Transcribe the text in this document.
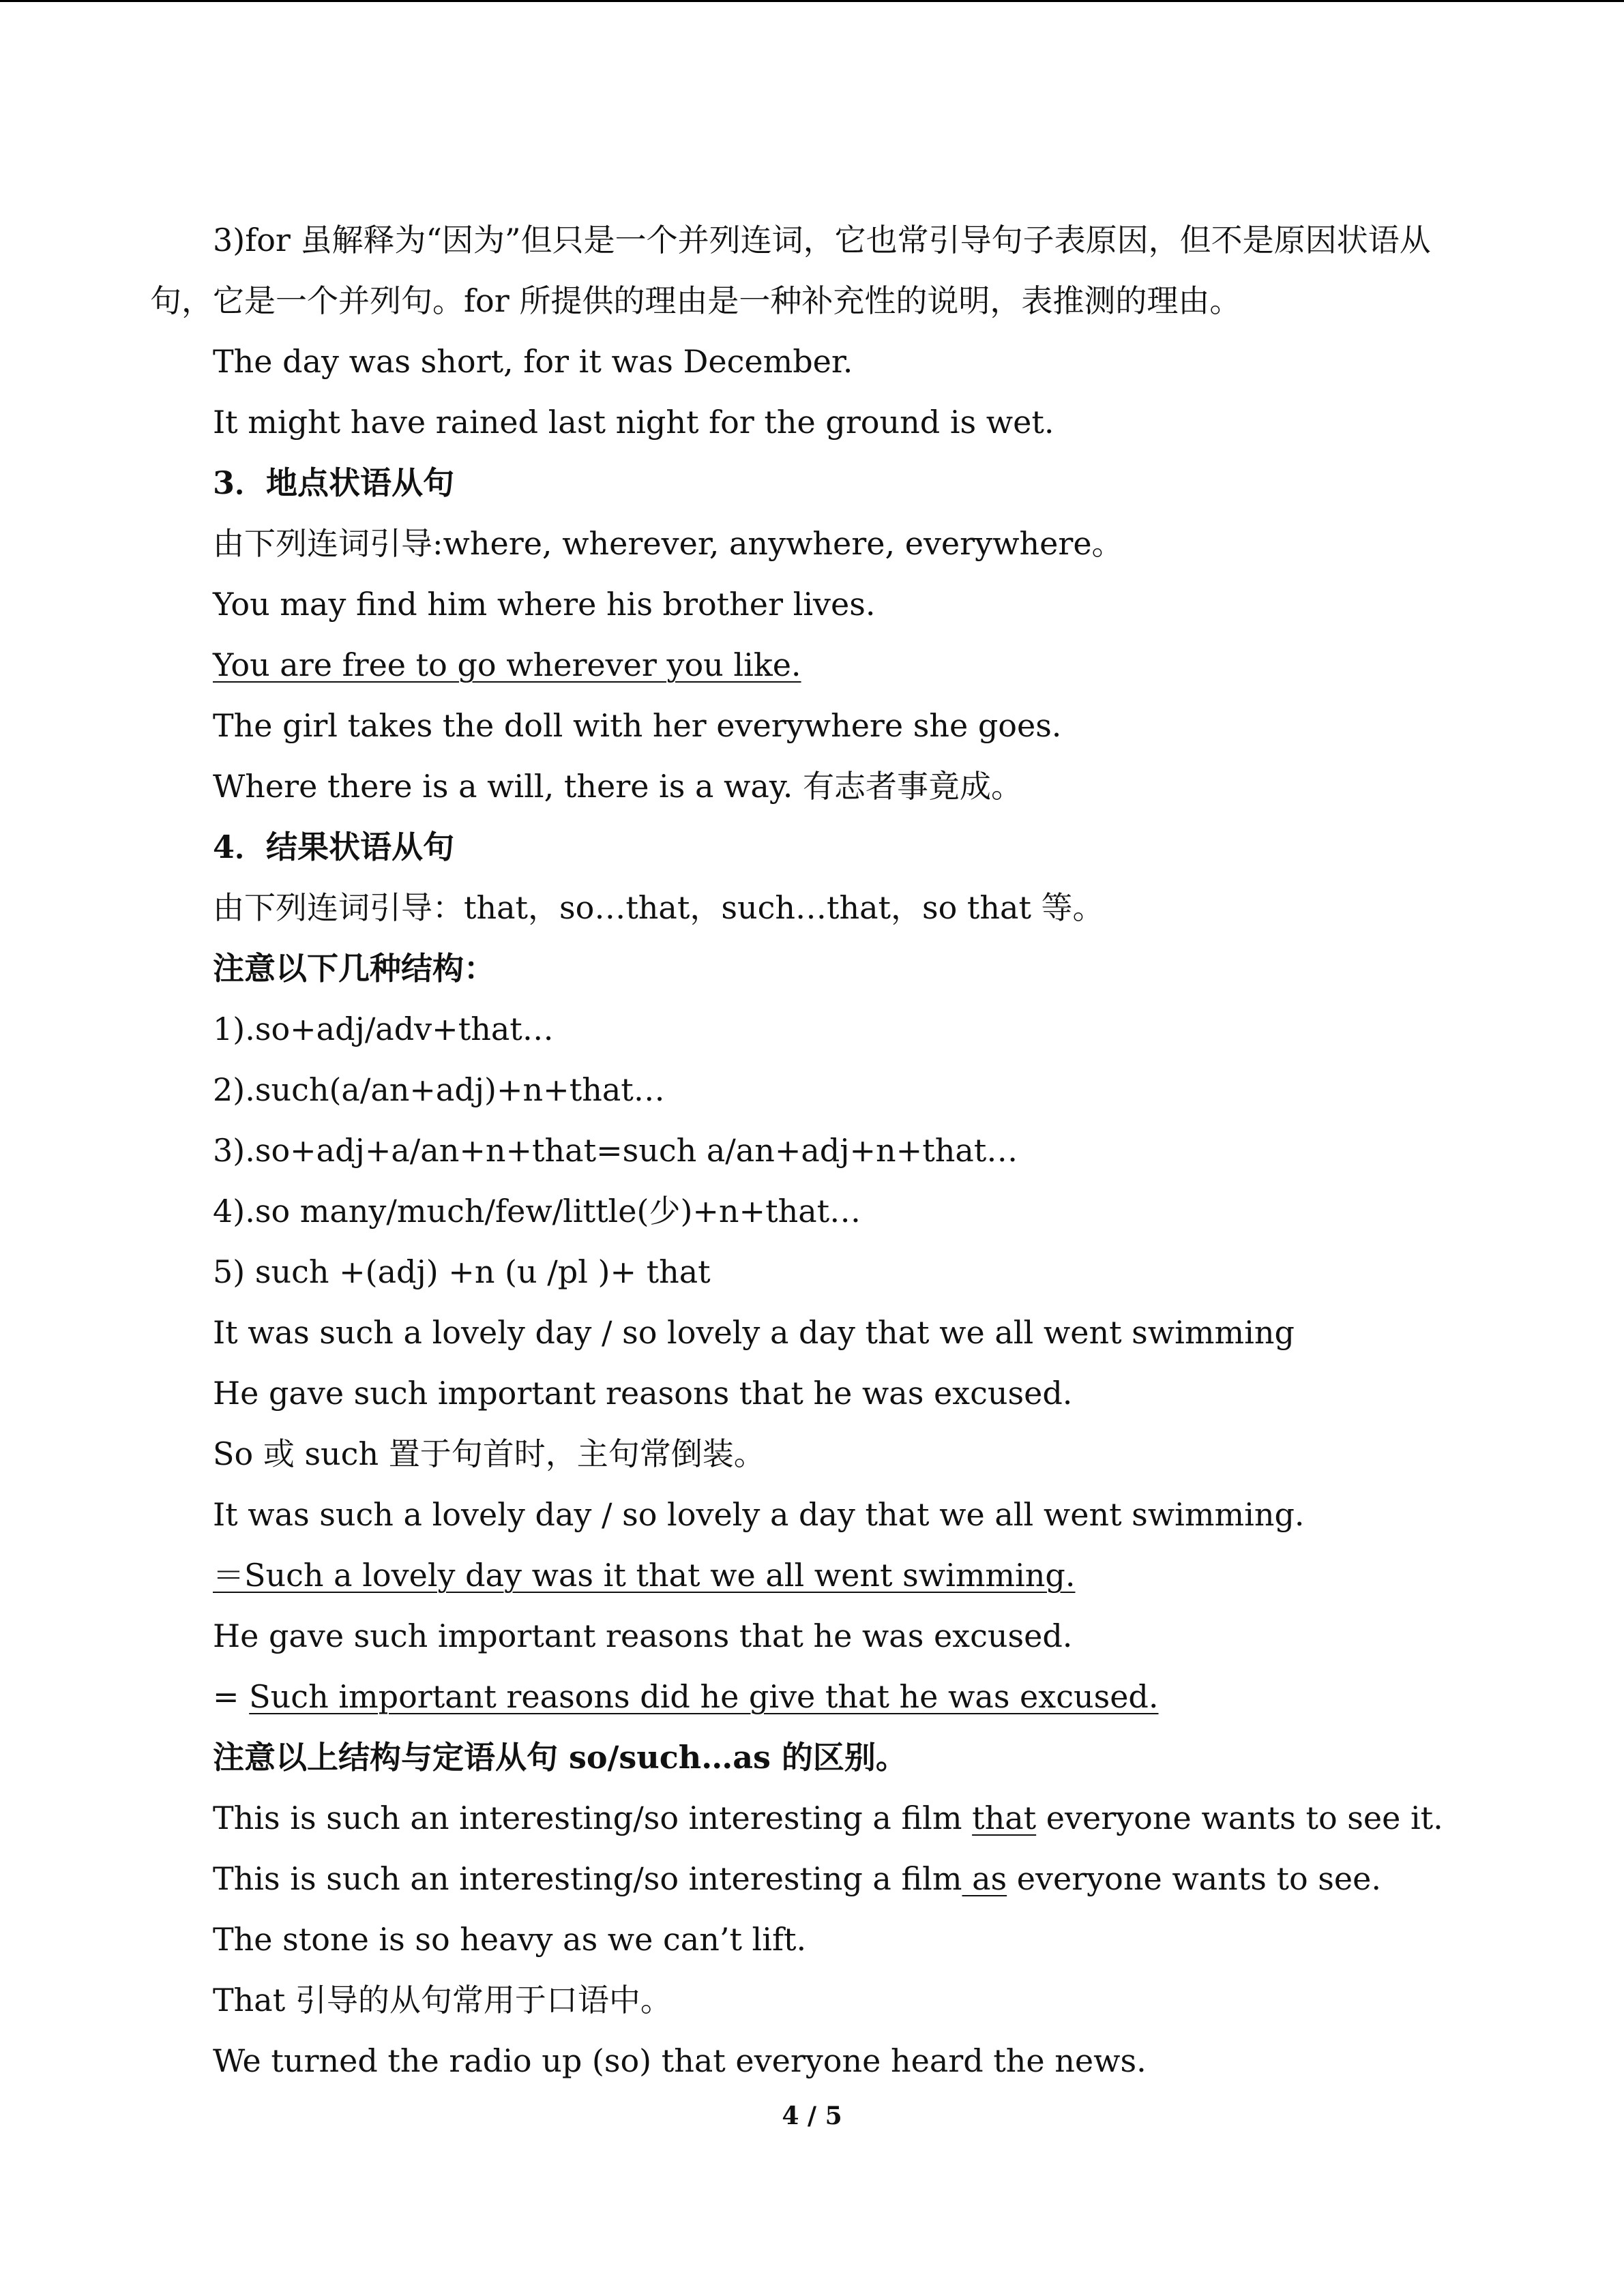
3)for 虽解释为“因为”但只是一个并列连词，它也常引导句子表原因，但不是原因状语从
句，它是一个并列句。for 所提供的理由是一种补充性的说明，表推测的理由。
The day was short, for it was December.
It might have rained last night for the ground is wet.
3．地点状语从句
由下列连词引导:where, wherever, anywhere, everywhere。
You may find him where his brother lives.
You are free to go wherever you like.
The girl takes the doll with her everywhere she goes.
Where there is a will, there is a way. 有志者事竟成。
4．结果状语从句
由下列连词引导：that，so…that，such…that，so that 等。
注意以下几种结构：
1).so+adj/adv+that…
2).such(a/an+adj)+n+that…
3).so+adj+a/an+n+that=such a/an+adj+n+that…
4).so many/much/few/little(少)+n+that…
5) such +(adj) +n (u /pl )+ that
It was such a lovely day / so lovely a day that we all went swimming
He gave such important reasons that he was excused.
So 或 such 置于句首时，主句常倒装。
It was such a lovely day / so lovely a day that we all went swimming.
＝Such a lovely day was it that we all went swimming.
He gave such important reasons that he was excused.
= Such important reasons did he give that he was excused.
注意以上结构与定语从句 so/such…as 的区别。
This is such an interesting/so interesting a film that everyone wants to see it.
This is such an interesting/so interesting a film as everyone wants to see.
The stone is so heavy as we can’t lift.
That 引导的从句常用于口语中。
We turned the radio up (so) that everyone heard the news.
4 / 5
